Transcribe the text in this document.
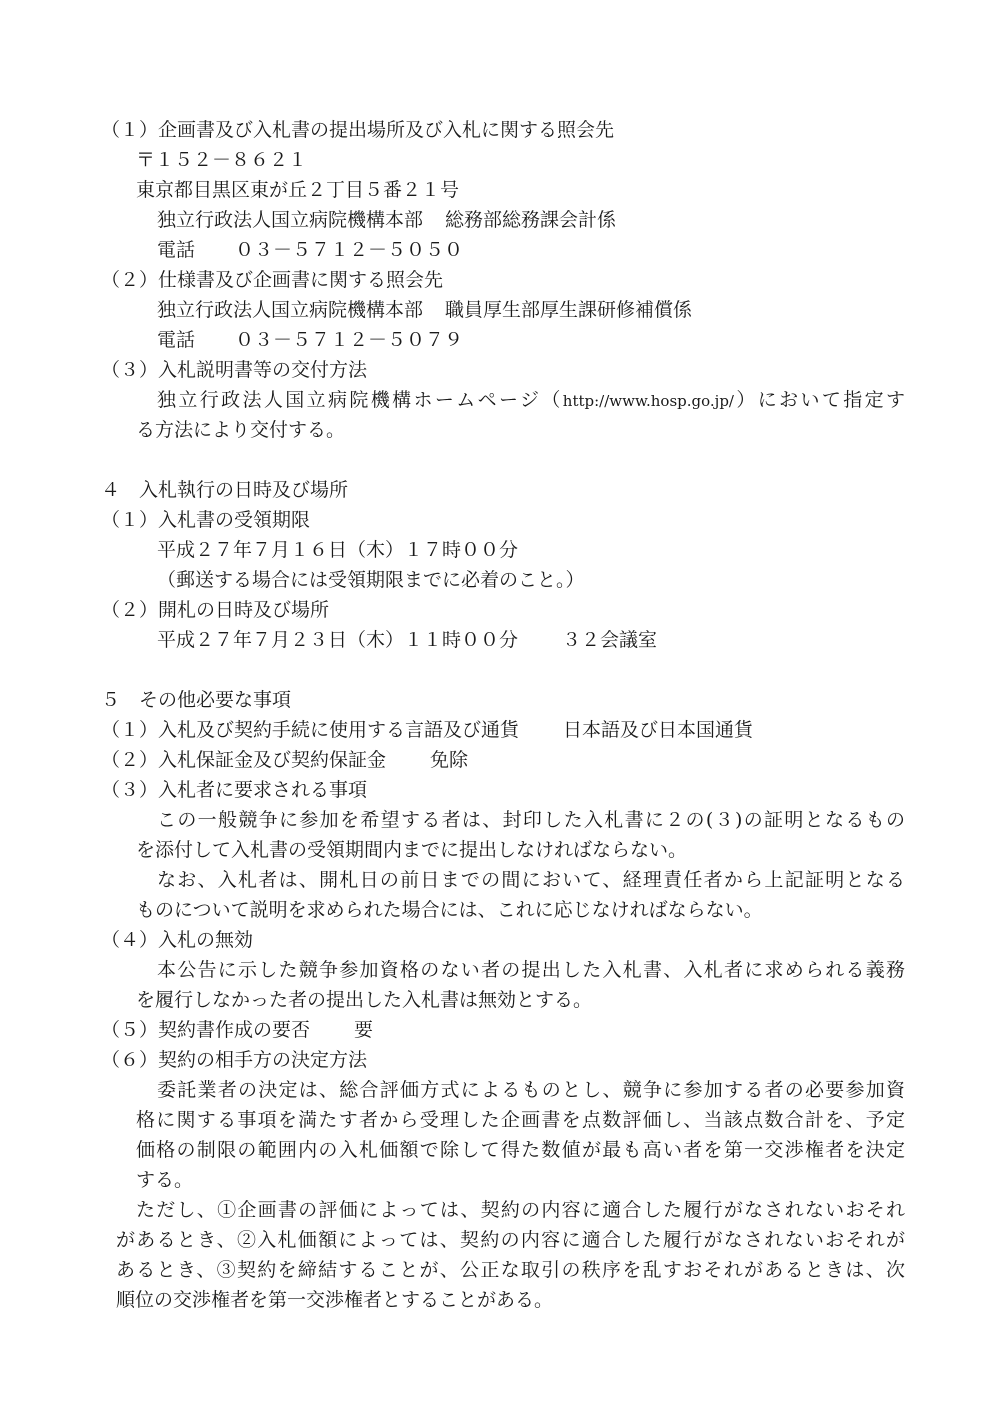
（１）企画書及び入札書の提出場所及び入札に関する照会先
〒１５２－８６２１
東京都目黒区東が丘２丁目５番２１号
独立行政法人国立病院機構本部 総務部総務課会計係
電話 ０３－５７１２－５０５０
（２）仕様書及び企画書に関する照会先
独立行政法人国立病院機構本部 職員厚生部厚生課研修補償係
電話 ０３－５７１２－５０７９
（３）入札説明書等の交付方法
独立行政法人国立病院機構ホームページ（http://www.hosp.go.jp/）において指定す
る方法により交付する。
４　入札執行の日時及び場所
（１）入札書の受領期限
平成２７年７月１６日（木）１７時００分
（郵送する場合には受領期限までに必着のこと。）
（２）開札の日時及び場所
平成２７年７月２３日（木）１１時００分 ３２会議室
５　その他必要な事項
（１）入札及び契約手続に使用する言語及び通貨 日本語及び日本国通貨
（２）入札保証金及び契約保証金 免除
（３）入札者に要求される事項
この一般競争に参加を希望する者は、封印した入札書に２の(３)の証明となるもの
を添付して入札書の受領期間内までに提出しなければならない。
なお、入札者は、開札日の前日までの間において、経理責任者から上記証明となる
ものについて説明を求められた場合には、これに応じなければならない。
（４）入札の無効
本公告に示した競争参加資格のない者の提出した入札書、入札者に求められる義務
を履行しなかった者の提出した入札書は無効とする。
（５）契約書作成の要否 要
（６）契約の相手方の決定方法
委託業者の決定は、総合評価方式によるものとし、競争に参加する者の必要参加資
格に関する事項を満たす者から受理した企画書を点数評価し、当該点数合計を、予定
価格の制限の範囲内の入札価額で除して得た数値が最も高い者を第一交渉権者を決定
する。
ただし、①企画書の評価によっては、契約の内容に適合した履行がなされないおそれ
があるとき、②入札価額によっては、契約の内容に適合した履行がなされないおそれが
あるとき、③契約を締結することが、公正な取引の秩序を乱すおそれがあるときは、次
順位の交渉権者を第一交渉権者とすることがある。
